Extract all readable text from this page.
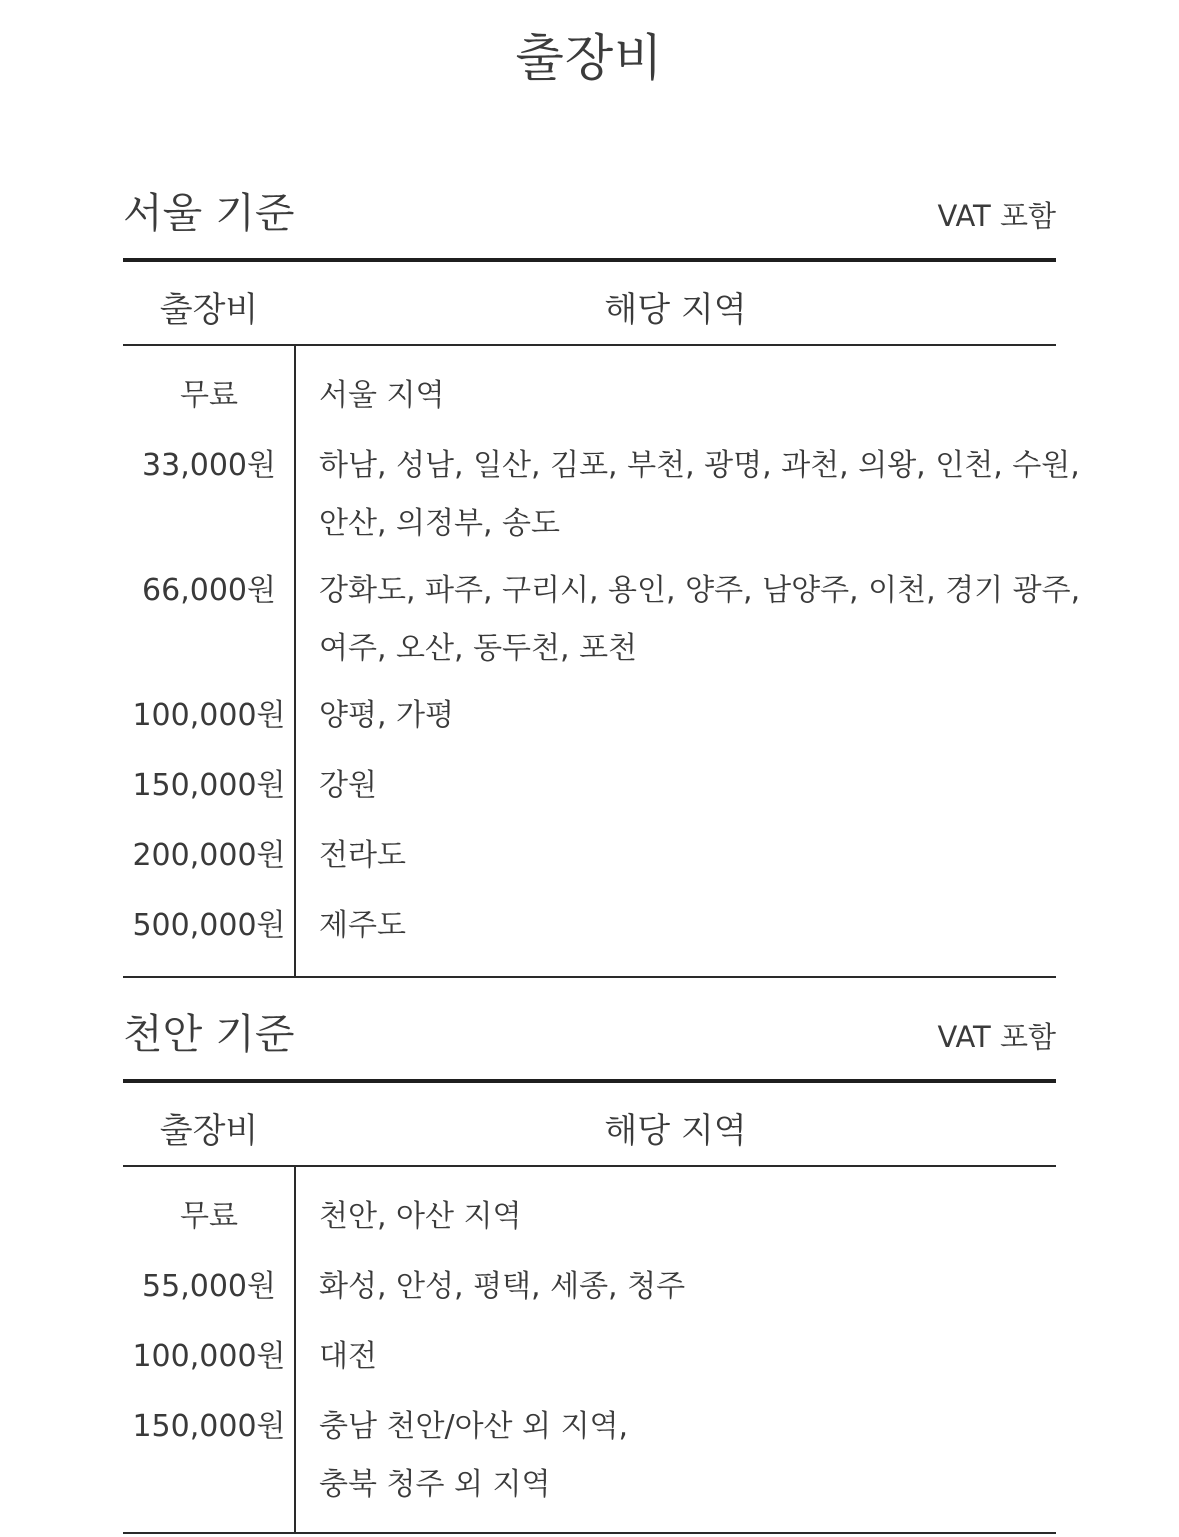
출장비
서울 기준	VAT 포함
출장비	해당 지역
무료	서울 지역
33,000원	하남, 성남, 일산, 김포, 부천, 광명, 과천, 의왕, 인천, 수원,
안산, 의정부, 송도
66,000원	강화도, 파주, 구리시, 용인, 양주, 남양주, 이천, 경기 광주,
여주, 오산, 동두천, 포천
100,000원	양평, 가평
150,000원	강원
200,000원	전라도
500,000원	제주도
천안 기준	VAT 포함
출장비	해당 지역
무료	천안, 아산 지역
55,000원	화성, 안성, 평택, 세종, 청주
100,000원	대전
150,000원	충남 천안/아산 외 지역,
충북 청주 외 지역
